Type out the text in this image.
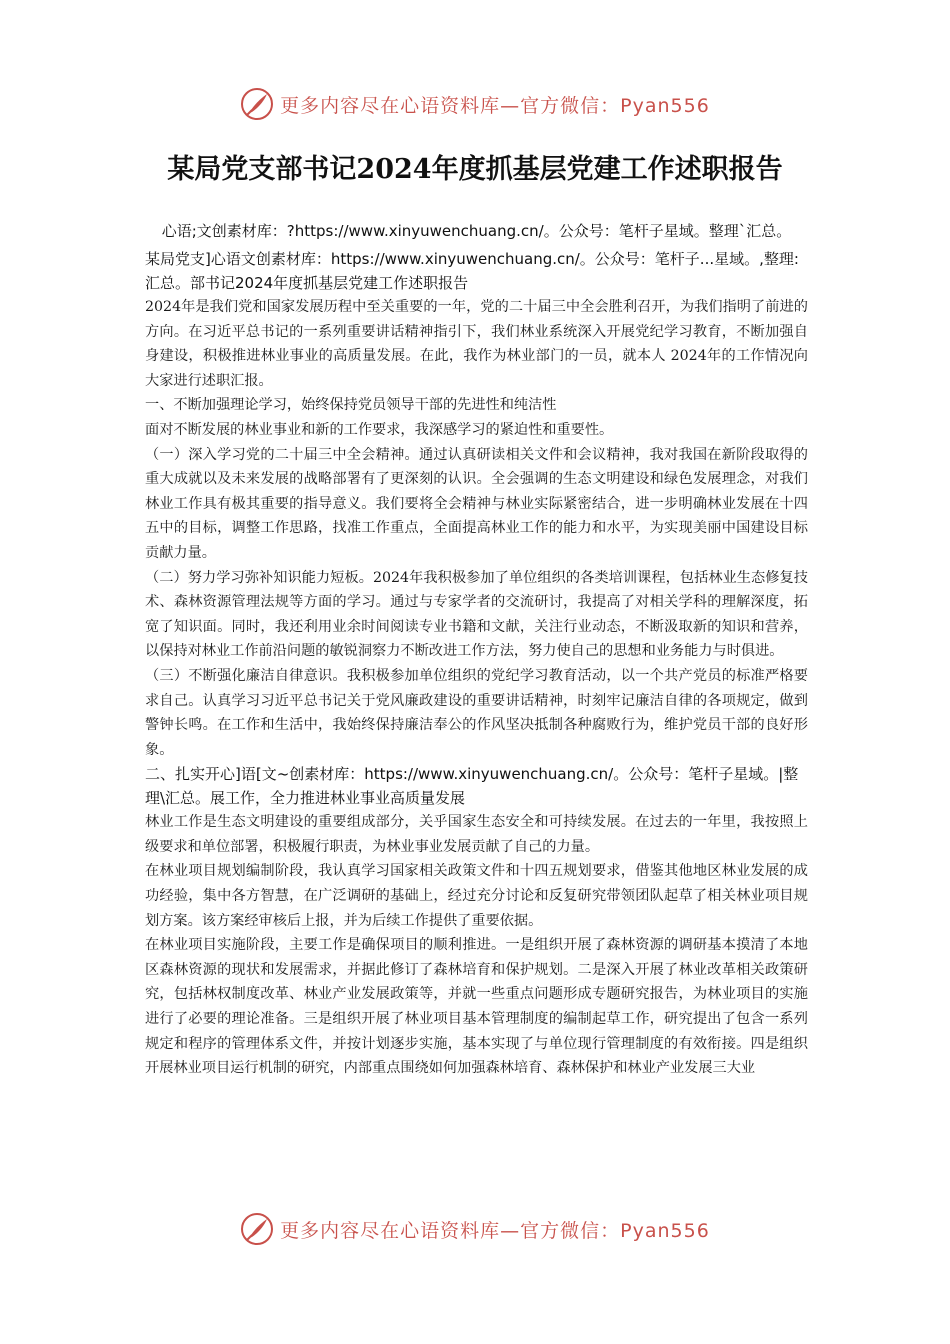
更多内容尽在心语资料库—官方微信：Pyan556
某局党支部书记2024年度抓基层党建工作述职报告

心语;文创素材库：?https://www.xinyuwenchuang.cn/。公众号：笔杆子星域。整理`汇总。

某局党支]心语文创素材库：https://www.xinyuwenchuang.cn/。公众号：笔杆子...星域。,整理:汇总。部书记2024年度抓基层党建工作述职报告

2024年是我们党和国家发展历程中至关重要的一年，党的二十届三中全会胜利召开，为我们指明了前进的方向。在习近平总书记的一系列重要讲话精神指引下，我们林业系统深入开展党纪学习教育，不断加强自身建设，积极推进林业事业的高质量发展。在此，我作为林业部门的一员，就本人 2024年的工作情况向大家进行述职汇报。

一、不断加强理论学习，始终保持党员领导干部的先进性和纯洁性

面对不断发展的林业事业和新的工作要求，我深感学习的紧迫性和重要性。

（一）深入学习党的二十届三中全会精神。通过认真研读相关文件和会议精神，我对我国在新阶段取得的重大成就以及未来发展的战略部署有了更深刻的认识。全会强调的生态文明建设和绿色发展理念，对我们林业工作具有极其重要的指导意义。我们要将全会精神与林业实际紧密结合，进一步明确林业发展在十四五中的目标，调整工作思路，找准工作重点，全面提高林业工作的能力和水平，为实现美丽中国建设目标贡献力量。

（二）努力学习弥补知识能力短板。2024年我积极参加了单位组织的各类培训课程，包括林业生态修复技术、森林资源管理法规等方面的学习。通过与专家学者的交流研讨，我提高了对相关学科的理解深度，拓宽了知识面。同时，我还利用业余时间阅读专业书籍和文献，关注行业动态，不断汲取新的知识和营养，以保持对林业工作前沿问题的敏锐洞察力不断改进工作方法，努力使自己的思想和业务能力与时俱进。

（三）不断强化廉洁自律意识。我积极参加单位组织的党纪学习教育活动，以一个共产党员的标准严格要求自己。认真学习习近平总书记关于党风廉政建设的重要讲话精神，时刻牢记廉洁自律的各项规定，做到警钟长鸣。在工作和生活中，我始终保持廉洁奉公的作风坚决抵制各种腐败行为，维护党员干部的良好形象。

二、扎实开心]语[文~创素材库：https://www.xinyuwenchuang.cn/。公众号：笔杆子星域。|整理\汇总。展工作，全力推进林业事业高质量发展

林业工作是生态文明建设的重要组成部分，关乎国家生态安全和可持续发展。在过去的一年里，我按照上级要求和单位部署，积极履行职责，为林业事业发展贡献了自己的力量。

在林业项目规划编制阶段，我认真学习国家相关政策文件和十四五规划要求，借鉴其他地区林业发展的成功经验，集中各方智慧，在广泛调研的基础上，经过充分讨论和反复研究带领团队起草了相关林业项目规划方案。该方案经审核后上报，并为后续工作提供了重要依据。

在林业项目实施阶段，主要工作是确保项目的顺利推进。一是组织开展了森林资源的调研基本摸清了本地区森林资源的现状和发展需求，并据此修订了森林培育和保护规划。二是深入开展了林业改革相关政策研究，包括林权制度改革、林业产业发展政策等，并就一些重点问题形成专题研究报告，为林业项目的实施进行了必要的理论准备。三是组织开展了林业项目基本管理制度的编制起草工作，研究提出了包含一系列规定和程序的管理体系文件，并按计划逐步实施，基本实现了与单位现行管理制度的有效衔接。四是组织开展林业项目运行机制的研究，内部重点围绕如何加强森林培育、森林保护和林业产业发展三大业

更多内容尽在心语资料库—官方微信：Pyan556
